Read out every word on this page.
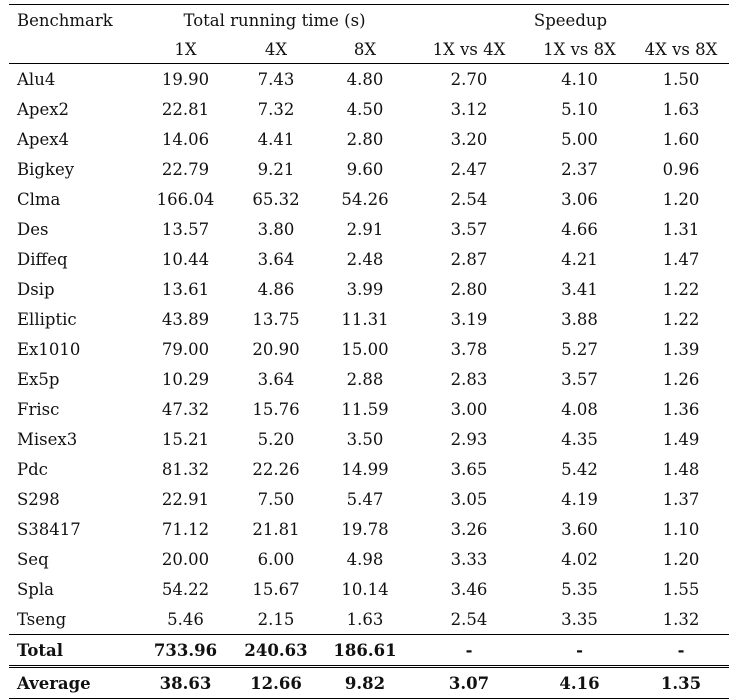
Benchmark	Total running time (s)			Speedup		
	1X	4X	8X	1X vs 4X	1X vs 8X	4X vs 8X
Alu4	19.90	7.43	4.80	2.70	4.10	1.50
Apex2	22.81	7.32	4.50	3.12	5.10	1.63
Apex4	14.06	4.41	2.80	3.20	5.00	1.60
Bigkey	22.79	9.21	9.60	2.47	2.37	0.96
Clma	166.04	65.32	54.26	2.54	3.06	1.20
Des	13.57	3.80	2.91	3.57	4.66	1.31
Diffeq	10.44	3.64	2.48	2.87	4.21	1.47
Dsip	13.61	4.86	3.99	2.80	3.41	1.22
Elliptic	43.89	13.75	11.31	3.19	3.88	1.22
Ex1010	79.00	20.90	15.00	3.78	5.27	1.39
Ex5p	10.29	3.64	2.88	2.83	3.57	1.26
Frisc	47.32	15.76	11.59	3.00	4.08	1.36
Misex3	15.21	5.20	3.50	2.93	4.35	1.49
Pdc	81.32	22.26	14.99	3.65	5.42	1.48
S298	22.91	7.50	5.47	3.05	4.19	1.37
S38417	71.12	21.81	19.78	3.26	3.60	1.10
Seq	20.00	6.00	4.98	3.33	4.02	1.20
Spla	54.22	15.67	10.14	3.46	5.35	1.55
Tseng	5.46	2.15	1.63	2.54	3.35	1.32
Total	733.96	240.63	186.61	-	-	-
Average	38.63	12.66	9.82	3.07	4.16	1.35
